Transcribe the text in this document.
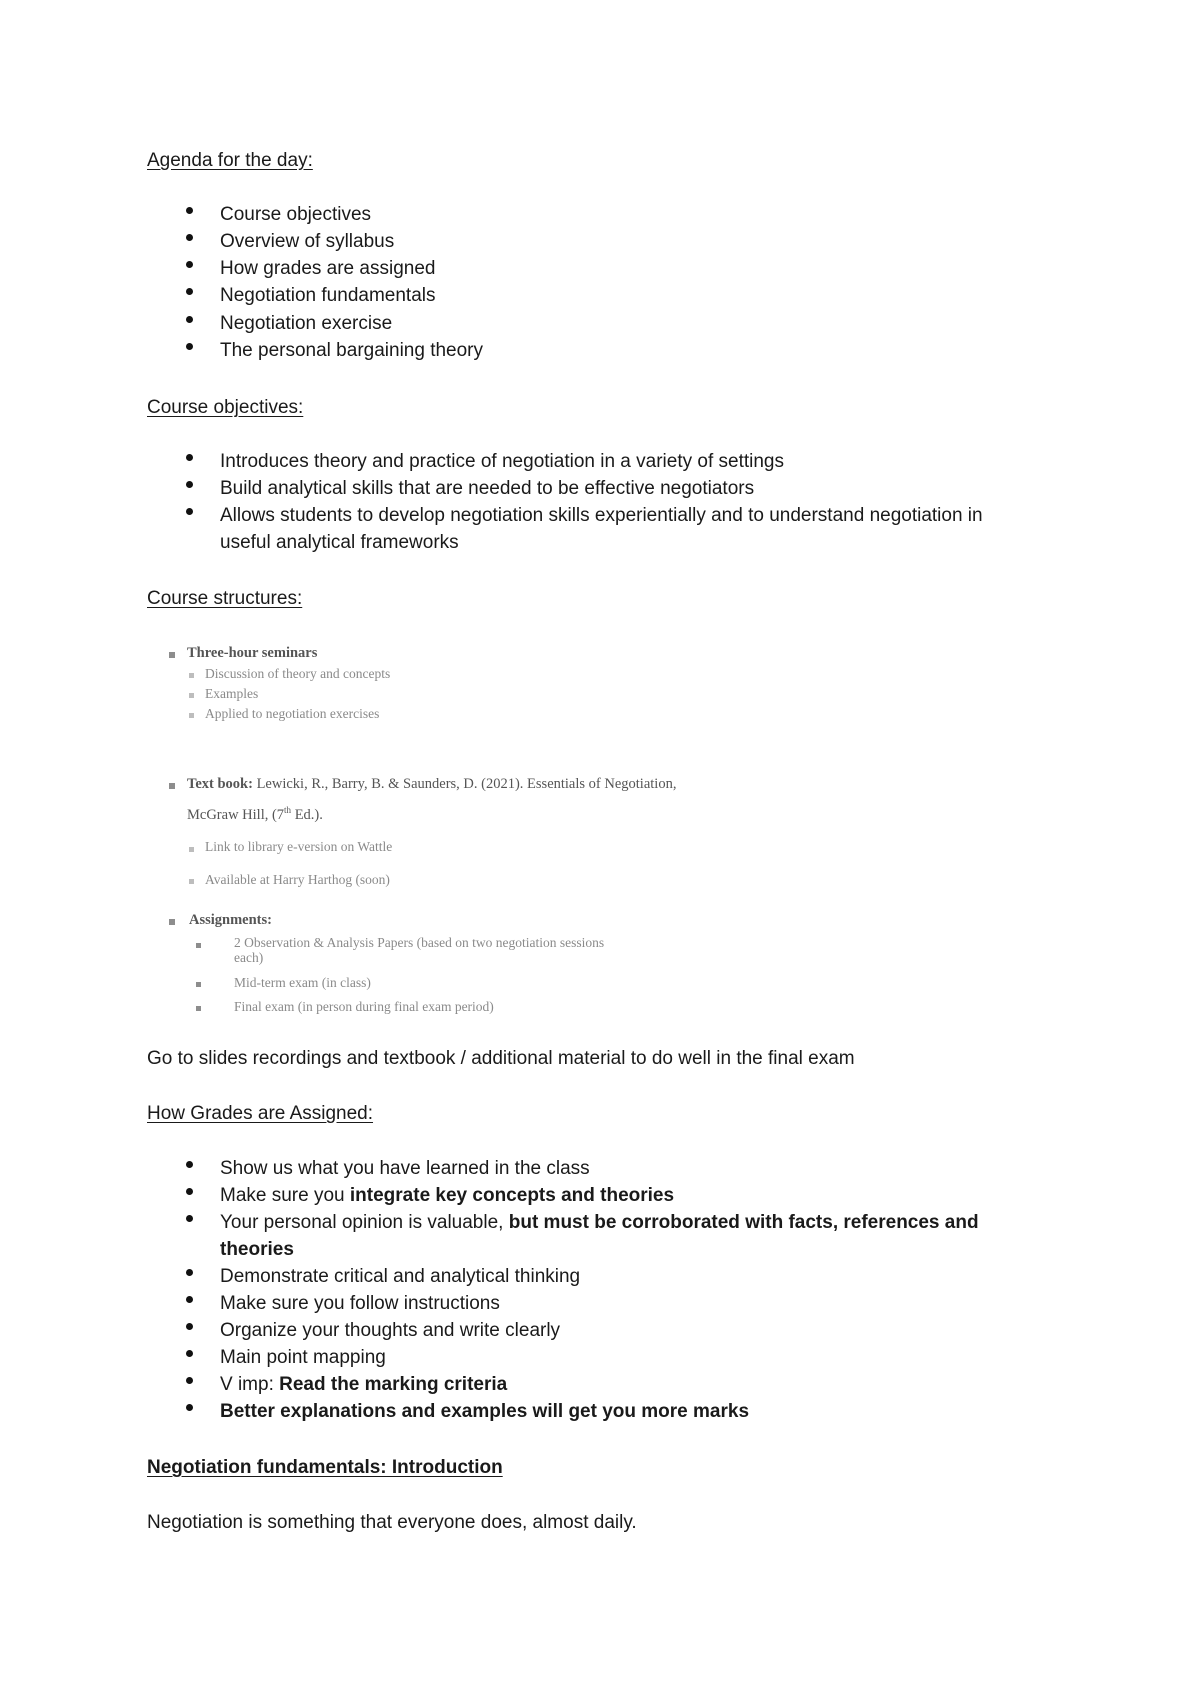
Agenda for the day:
Course objectives
Overview of syllabus
How grades are assigned
Negotiation fundamentals
Negotiation exercise
The personal bargaining theory
Course objectives:
Introduces theory and practice of negotiation in a variety of settings
Build analytical skills that are needed to be effective negotiators
Allows students to develop negotiation skills experientially and to understand negotiation in
useful analytical frameworks
Course structures:
Three-hour seminars
Discussion of theory and concepts
Examples
Applied to negotiation exercises
Text book: Lewicki, R., Barry, B. & Saunders, D. (2021). Essentials of Negotiation,
McGraw Hill, (7th Ed.).
Link to library e-version on Wattle
Available at Harry Harthog (soon)
Assignments:
2 Observation & Analysis Papers (based on two negotiation sessions
each)
Mid-term exam (in class)
Final exam (in person during final exam period)
Go to slides recordings and textbook / additional material to do well in the final exam
How Grades are Assigned:
Show us what you have learned in the class
Make sure you integrate key concepts and theories
Your personal opinion is valuable, but must be corroborated with facts, references and
theories
Demonstrate critical and analytical thinking
Make sure you follow instructions
Organize your thoughts and write clearly
Main point mapping
V imp: Read the marking criteria
Better explanations and examples will get you more marks
Negotiation fundamentals: Introduction
Negotiation is something that everyone does, almost daily.
